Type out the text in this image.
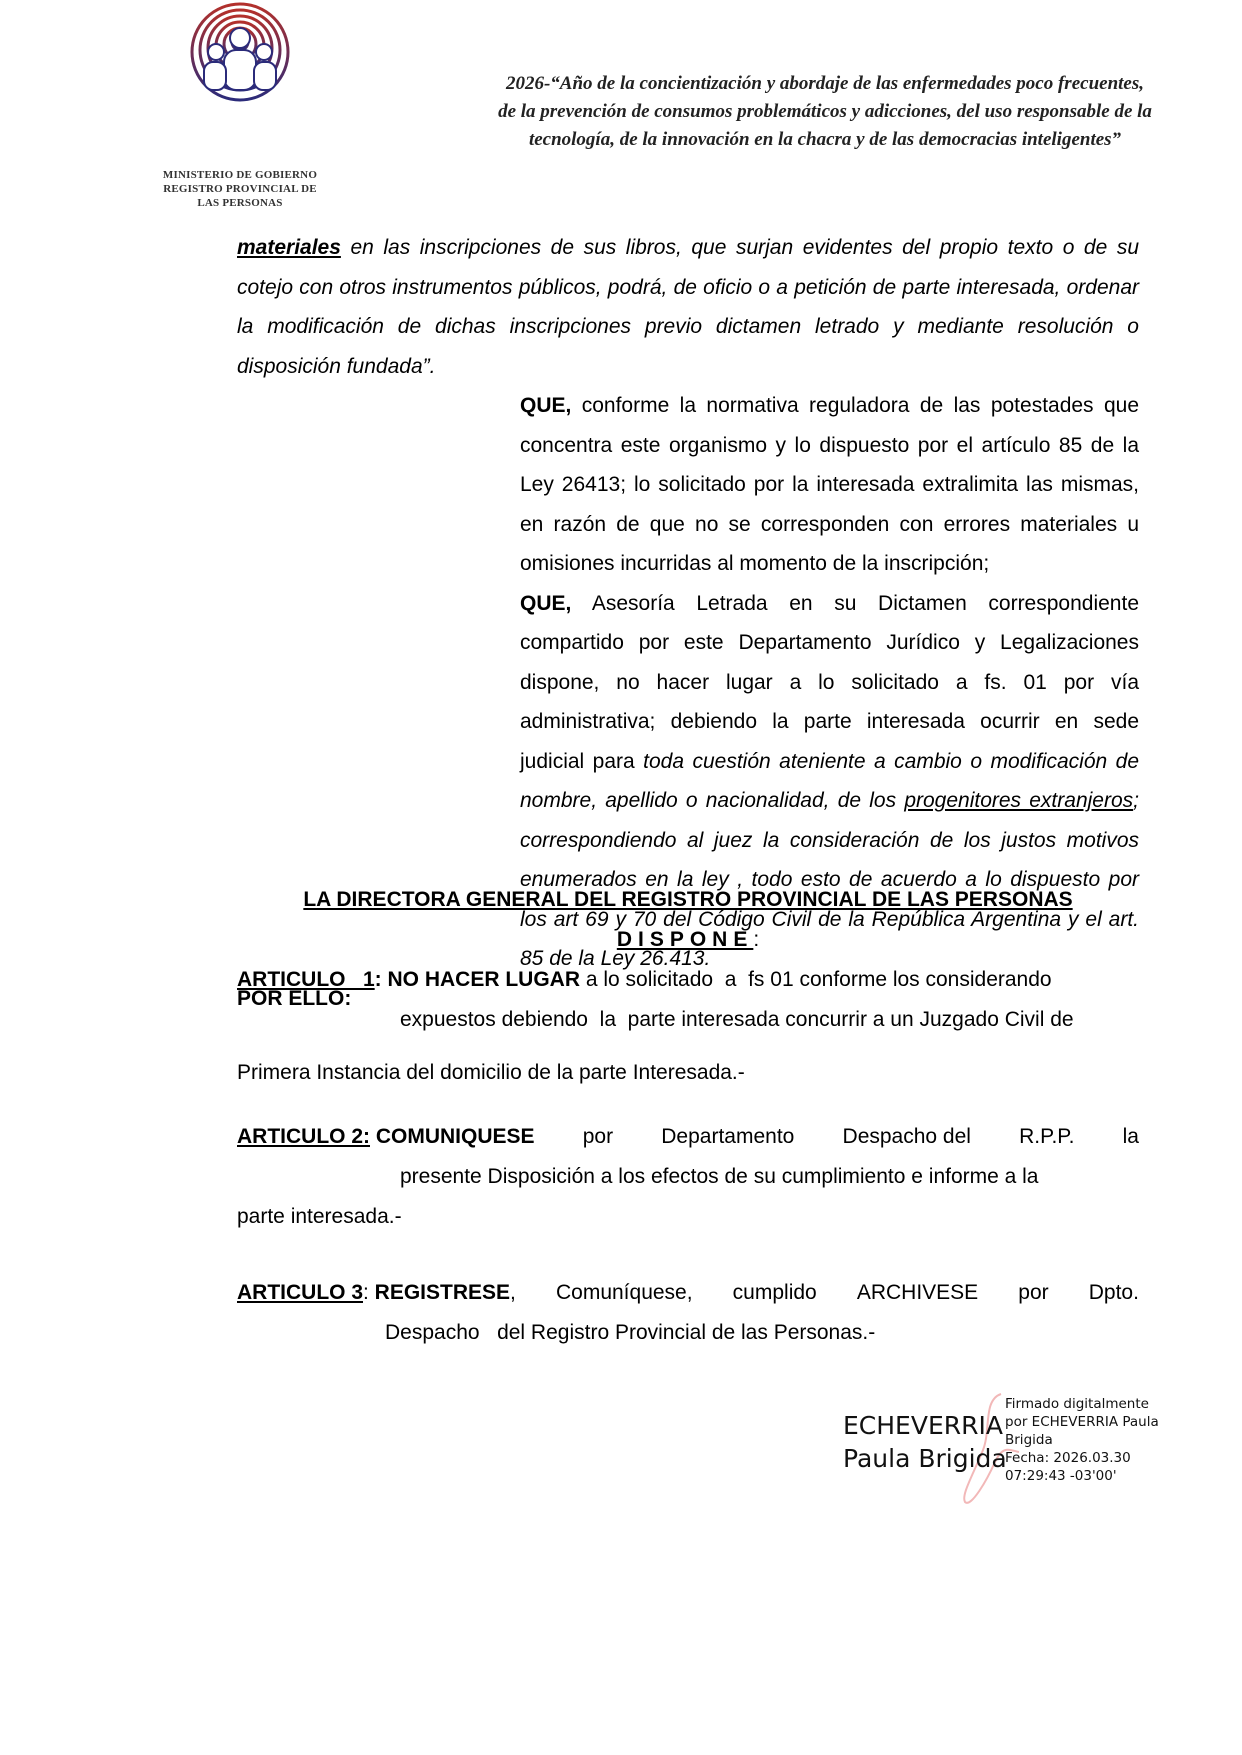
MINISTERIO DE GOBIERNO
REGISTRO PROVINCIAL DE
LAS PERSONAS
2026-“Año de la concientización y abordaje de las enfermedades poco frecuentes,
de la prevención de consumos problemáticos y adicciones, del uso responsable de la
tecnología, de la innovación en la chacra y de las democracias inteligentes”

materiales en las inscripciones de sus libros, que surjan evidentes del propio texto o de su cotejo con otros instrumentos públicos, podrá, de oficio o a petición de parte interesada, ordenar la modificación de dichas inscripciones previo dictamen letrado y mediante resolución o disposición fundada”.

QUE, conforme la normativa reguladora de las potestades que concentra este organismo y lo dispuesto por el artículo 85 de la Ley 26413; lo solicitado por la interesada extralimita las mismas, en razón de que no se corresponden con errores materiales u omisiones incurridas al momento de la inscripción;

QUE, Asesoría Letrada en su Dictamen correspondiente compartido por este Departamento Jurídico y Legalizaciones dispone, no hacer lugar a lo solicitado a fs. 01 por vía administrativa; debiendo la parte interesada ocurrir en sede judicial para toda cuestión ateniente a cambio o modificación de nombre, apellido o nacionalidad, de los progenitores extranjeros; correspondiendo al juez la consideración de los justos motivos enumerados en la ley , todo esto de acuerdo a lo dispuesto por los art 69 y 70 del Código Civil de la República Argentina y el art. 85 de la Ley 26.413.

POR ELLO:

LA DIRECTORA GENERAL DEL REGISTRO PROVINCIAL DE LAS PERSONAS
DISPONE:
ARTICULO   1: NO HACER LUGAR a lo solicitado  a  fs 01 conforme los considerando
expuestos debiendo  la  parte interesada concurrir a un Juzgado Civil de
Primera Instancia del domicilio de la parte Interesada.-
ARTICULO 2: COMUNIQUESE por Departamento Despacho del R.P.P. la
presente Disposición a los efectos de su cumplimiento e informe a la
parte interesada.-
ARTICULO 3: REGISTRESE, Comuníquese, cumplido ARCHIVESE por Dpto.
Despacho   del Registro Provincial de las Personas.-
ECHEVERRIA
Paula Brigida
Firmado digitalmente
por ECHEVERRIA Paula
Brigida
Fecha: 2026.03.30
07:29:43 -03'00'
